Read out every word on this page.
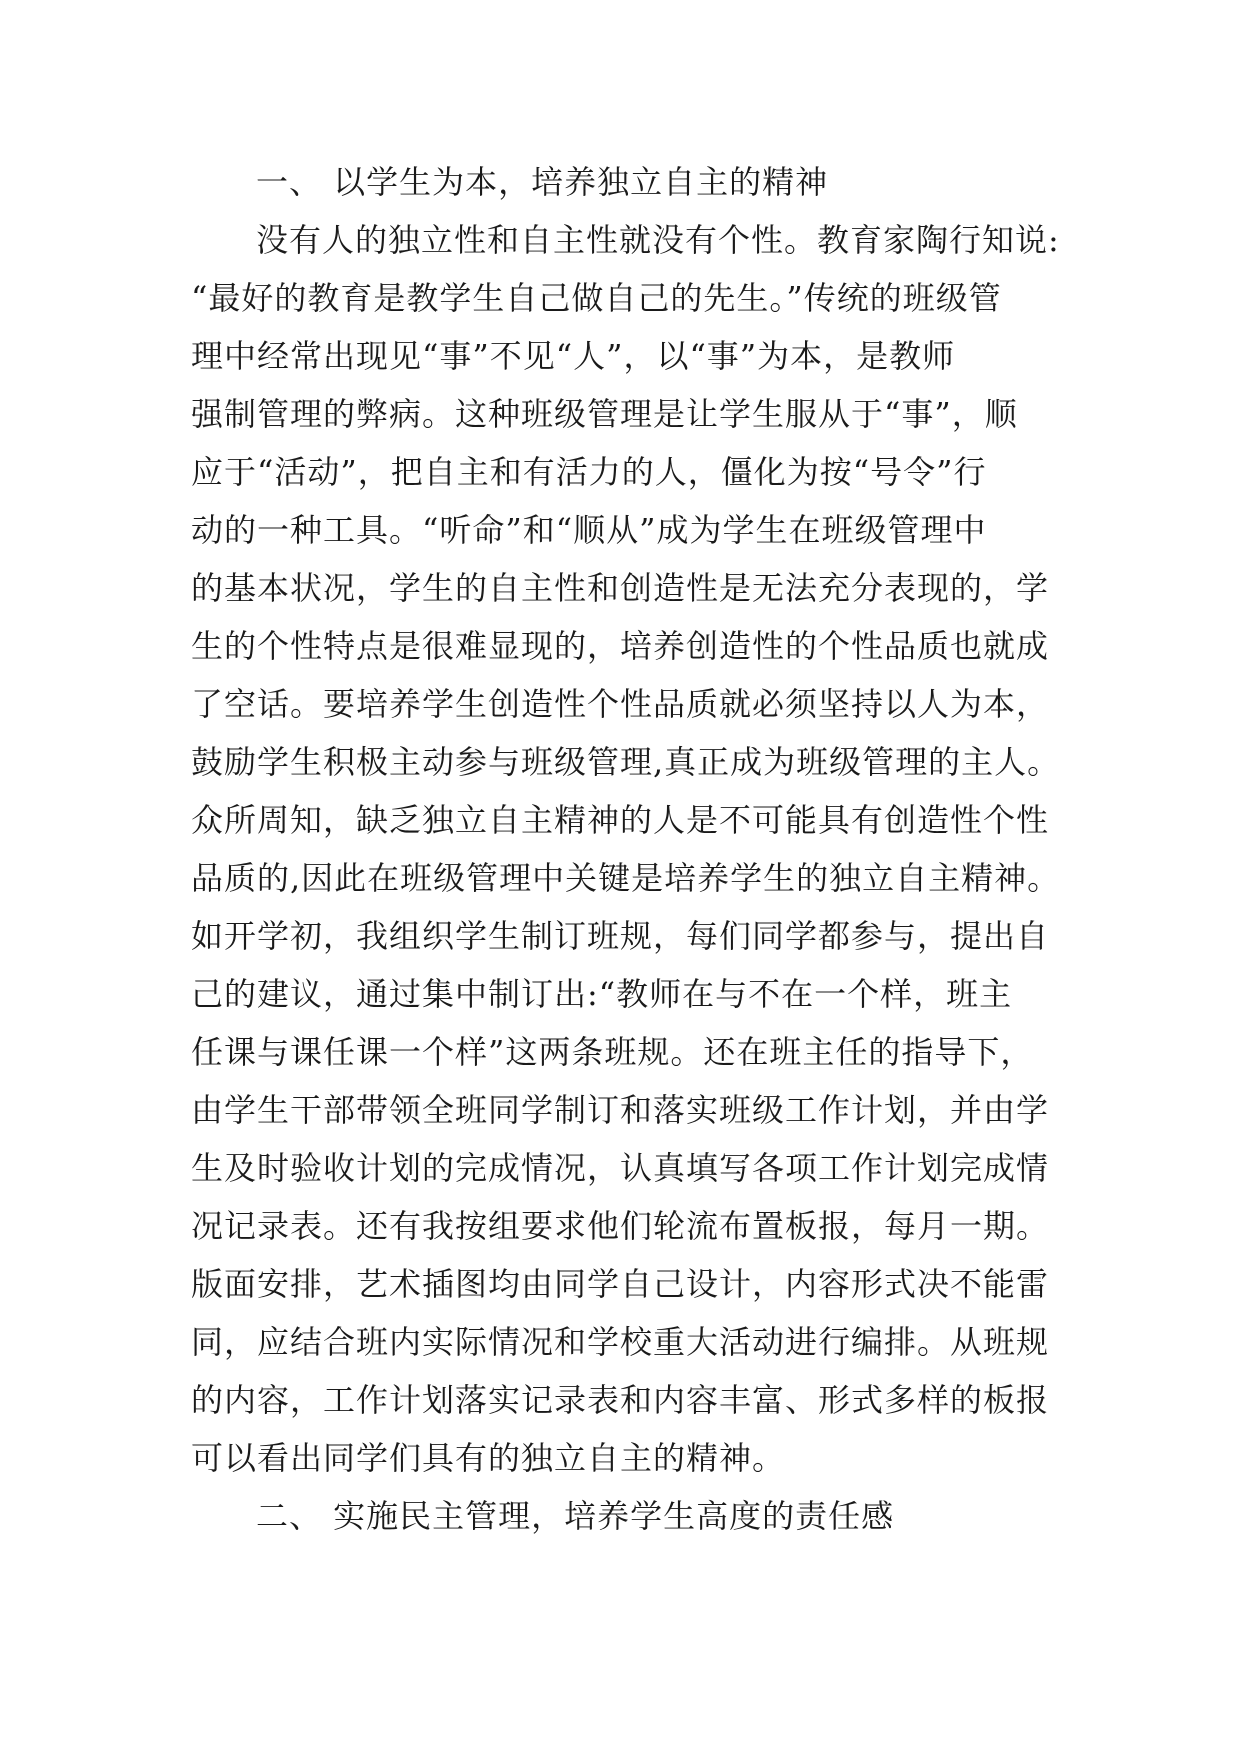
一、 以学生为本，培养独立自主的精神
没有人的独立性和自主性就没有个性。教育家陶行知说:
“最好的教育是教学生自己做自己的先生。”传统的班级管
理中经常出现见“事”不见“人”，以“事”为本，是教师
强制管理的弊病。这种班级管理是让学生服从于“事”，顺
应于“活动”，把自主和有活力的人，僵化为按“号令”行
动的一种工具。“听命”和“顺从”成为学生在班级管理中
的基本状况，学生的自主性和创造性是无法充分表现的，学
生的个性特点是很难显现的，培养创造性的个性品质也就成
了空话。要培养学生创造性个性品质就必须坚持以人为本，
鼓励学生积极主动参与班级管理,真正成为班级管理的主人。
众所周知，缺乏独立自主精神的人是不可能具有创造性个性
品质的,因此在班级管理中关键是培养学生的独立自主精神。
如开学初，我组织学生制订班规，每们同学都参与，提出自
己的建议，通过集中制订出:“教师在与不在一个样，班主
任课与课任课一个样”这两条班规。还在班主任的指导下，
由学生干部带领全班同学制订和落实班级工作计划，并由学
生及时验收计划的完成情况，认真填写各项工作计划完成情
况记录表。还有我按组要求他们轮流布置板报，每月一期。
版面安排，艺术插图均由同学自己设计，内容形式决不能雷
同，应结合班内实际情况和学校重大活动进行编排。从班规
的内容，工作计划落实记录表和内容丰富、形式多样的板报
可以看出同学们具有的独立自主的精神。
二、 实施民主管理，培养学生高度的责任感
